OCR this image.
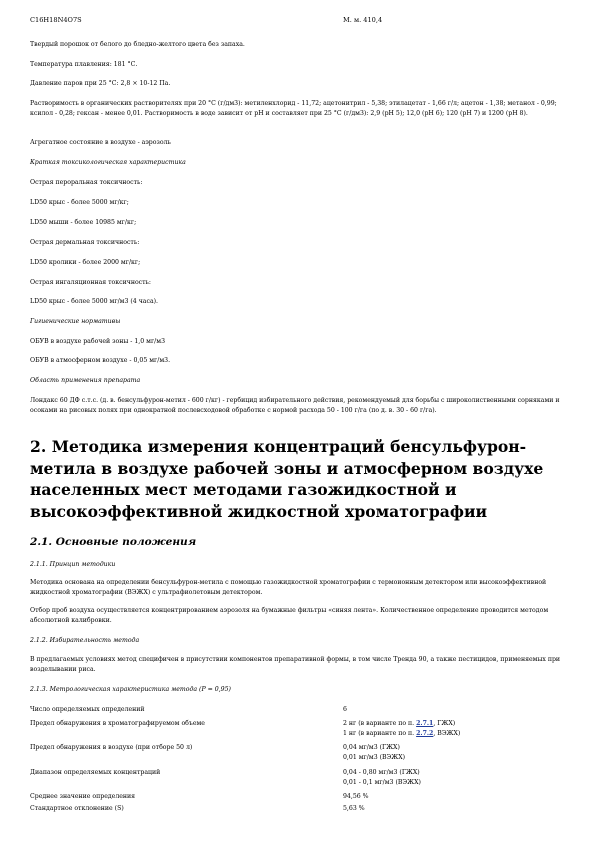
С16Н18N4O7S	М. м. 410,4

Твердый порошок от белого до бледно-желтого цвета без запаха.

Температура плавления: 181 °С.

Давление паров при 25 °С: 2,8 × 10-12 Па.

Растворимость в органических растворителях при 20 °С (г/дм3): метиленхлорид - 11,72; ацетонитрил - 5,38; этилацетат - 1,66 г/л; ацетон - 1,38; метанол - 0,99; ксилол - 0,28; гексан - менее 0,01. Растворимость в воде зависит от рН и составляет при 25 °С (г/дм3): 2,9 (рН 5); 12,0 (рН 6); 120 (рН 7) и 1200 (рН 8).

Агрегатное состояние в воздухе - аэрозоль

Краткая токсикологическая характеристика

Острая пероральная токсичность:

LD50 крыс - более 5000 мг/кг;

LD50 мыши - более 10985 мг/кг;

Острая дермальная токсичность:

LD50 кролики - более 2000 мг/кг;

Острая ингаляционная токсичность:

LD50 крыс - более 5000 мг/м3 (4 часа).

Гигиенические нормативы

ОБУВ в воздухе рабочей зоны - 1,0 мг/м3

ОБУВ в атмосферном воздухе - 0,05 мг/м3.

Область применения препарата

Лондакс 60 ДФ с.т.с. (д. в. бенсульфурон-метил - 600 г/кг) - гербицид избирательного действия, рекомендуемый для борьбы с широколиственными сорняками и осоками на рисовых полях при однократной послевсходовой обработке с нормой расхода 50 - 100 г/га (по д. в. 30 - 60 г/га).

2. Методика измерения концентраций бенсульфурон-метила в воздухе рабочей зоны и атмосферном воздухе населенных мест методами газожидкостной и высокоэффективной жидкостной хроматографии
2.1. Основные положения

2.1.1. Принцип методики

Методика основана на определении бенсульфурон-метила с помощью газожидкостной хроматографии с термоионным детектором или высокоэффективной жидкостной хроматографии (ВЭЖХ) с ультрафиолетовым детектором.

Отбор проб воздуха осуществляется концентрированием аэрозоля на бумажные фильтры «синяя лента». Количественное определение проводится методом абсолютной калибровки.

2.1.2. Избирательность метода

В предлагаемых условиях метод специфичен в присутствии компонентов препаративной формы, в том числе Тренда 90, а также пестицидов, применяемых при возделывании риса.

2.1.3. Метрологическая характеристика метода (Р = 0,95)

Число определяемых определений	6
Предел обнаружения в хроматографируемом объеме	2 нг (в варианте по п. 2.7.1, ГЖХ)
1 нг (в варианте по п. 2.7.2, ВЭЖХ)
Предел обнаружения в воздухе (при отборе 50 л)	0,04 мг/м3 (ГЖХ)
0,01 мг/м3 (ВЭЖХ)
Диапазон определяемых концентраций	0,04 - 0,80 мг/м3 (ГЖХ)
0,01 - 0,1 мг/м3 (ВЭЖХ)
Среднее значение определения	94,56 %
Стандартное отклонение (S)	5,63 %
